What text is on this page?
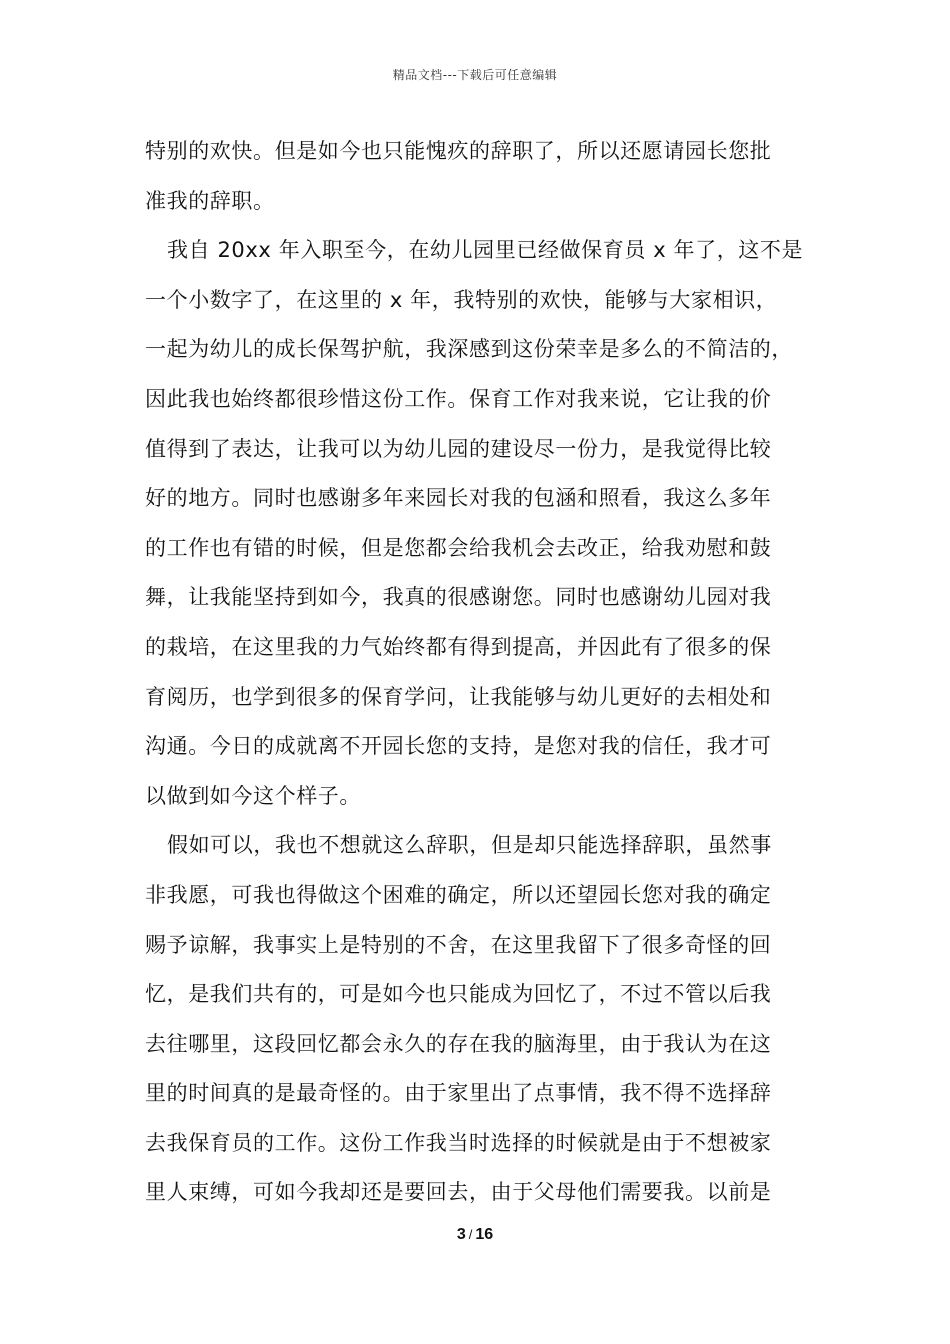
精品文档---下载后可任意编辑
特别的欢快。但是如今也只能愧疚的辞职了，所以还愿请园长您批
准我的辞职。
我自 20xx 年入职至今，在幼儿园里已经做保育员 x 年了，这不是
一个小数字了，在这里的 x 年，我特别的欢快，能够与大家相识，
一起为幼儿的成长保驾护航，我深感到这份荣幸是多么的不简洁的，
因此我也始终都很珍惜这份工作。保育工作对我来说，它让我的价
值得到了表达，让我可以为幼儿园的建设尽一份力，是我觉得比较
好的地方。同时也感谢多年来园长对我的包涵和照看，我这么多年
的工作也有错的时候，但是您都会给我机会去改正，给我劝慰和鼓
舞，让我能坚持到如今，我真的很感谢您。同时也感谢幼儿园对我
的栽培，在这里我的力气始终都有得到提高，并因此有了很多的保
育阅历，也学到很多的保育学问，让我能够与幼儿更好的去相处和
沟通。今日的成就离不开园长您的支持，是您对我的信任，我才可
以做到如今这个样子。
假如可以，我也不想就这么辞职，但是却只能选择辞职，虽然事
非我愿，可我也得做这个困难的确定，所以还望园长您对我的确定
赐予谅解，我事实上是特别的不舍，在这里我留下了很多奇怪的回
忆，是我们共有的，可是如今也只能成为回忆了，不过不管以后我
去往哪里，这段回忆都会永久的存在我的脑海里，由于我认为在这
里的时间真的是最奇怪的。由于家里出了点事情，我不得不选择辞
去我保育员的工作。这份工作我当时选择的时候就是由于不想被家
里人束缚，可如今我却还是要回去，由于父母他们需要我。以前是
3 / 16
